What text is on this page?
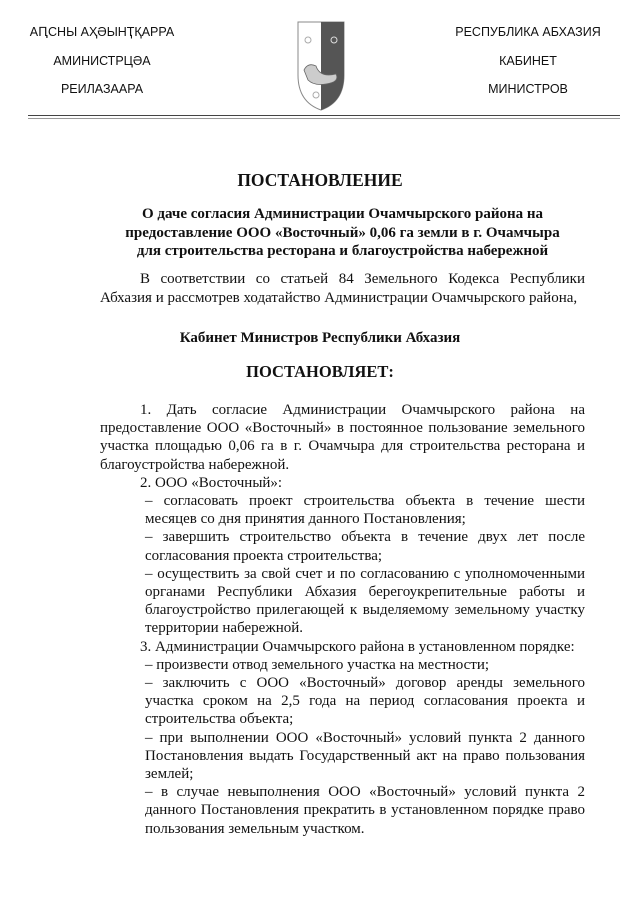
АԤСНЫ АҲӘЫНҬҚАРРА
АМИНИСТРЦӘА
РЕИЛАЗААРА
РЕСПУБЛИКА АБХАЗИЯ
КАБИНЕТ
МИНИСТРОВ
ПОСТАНОВЛЕНИЕ
О даче согласия Администрации Очамчырского района на
предоставление ООО «Восточный» 0,06 га земли в г. Очамчыра
для строительства ресторана и благоустройства набережной
В соответствии со статьей 84 Земельного Кодекса Республики Абхазия и рассмотрев ходатайство Администрации Очамчырского района,
Кабинет Министров Республики Абхазия
ПОСТАНОВЛЯЕТ:
1. Дать согласие Администрации Очамчырского района на предоставление ООО «Восточный» в постоянное пользование земельного участка площадью 0,06 га в г. Очамчыра для строительства ресторана и благоустройства набережной.
2. ООО «Восточный»:
– согласовать проект строительства объекта в течение шести месяцев со дня принятия данного Постановления;
– завершить строительство объекта в течение двух лет после согласования проекта строительства;
– осуществить за свой счет и по согласованию с уполномоченными органами Республики Абхазия берегоукрепительные работы и благоустройство прилегающей к выделяемому земельному участку территории набережной.
3. Администрации Очамчырского района в установленном порядке:
– произвести отвод земельного участка на местности;
– заключить с ООО «Восточный» договор аренды земельного участка сроком на 2,5 года на период согласования проекта и строительства объекта;
– при выполнении ООО «Восточный» условий пункта 2 данного Постановления выдать Государственный акт на право пользования землей;
– в случае невыполнения ООО «Восточный» условий пункта 2 данного Постановления прекратить в установленном порядке право пользования земельным участком.
